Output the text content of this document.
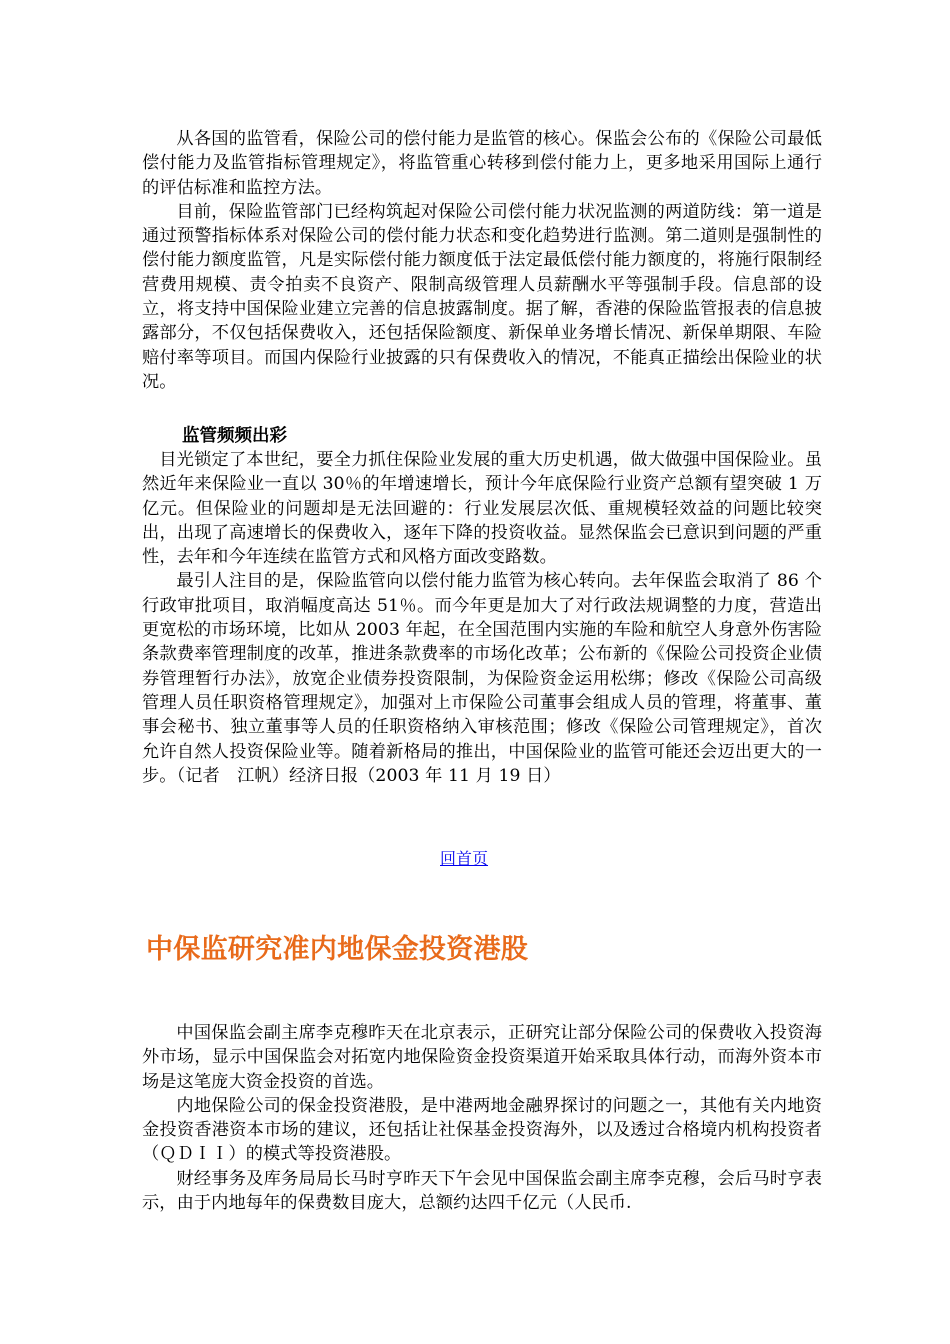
从各国的监管看，保险公司的偿付能力是监管的核心。保监会公布的《保险公司最低偿付能力及监管指标管理规定》，将监管重心转移到偿付能力上，更多地采用国际上通行的评估标准和监控方法。

目前，保险监管部门已经构筑起对保险公司偿付能力状况监测的两道防线：第一道是通过预警指标体系对保险公司的偿付能力状态和变化趋势进行监测。第二道则是强制性的偿付能力额度监管，凡是实际偿付能力额度低于法定最低偿付能力额度的，将施行限制经营费用规模、责令拍卖不良资产、限制高级管理人员薪酬水平等强制手段。信息部的设立，将支持中国保险业建立完善的信息披露制度。据了解，香港的保险监管报表的信息披露部分，不仅包括保费收入，还包括保险额度、新保单业务增长情况、新保单期限、车险赔付率等项目。而国内保险行业披露的只有保费收入的情况，不能真正描绘出保险业的状况。

监管频频出彩

目光锁定了本世纪，要全力抓住保险业发展的重大历史机遇，做大做强中国保险业。虽然近年来保险业一直以 30％的年增速增长，预计今年底保险行业资产总额有望突破 1 万亿元。但保险业的问题却是无法回避的：行业发展层次低、重规模轻效益的问题比较突出，出现了高速增长的保费收入，逐年下降的投资收益。显然保监会已意识到问题的严重性，去年和今年连续在监管方式和风格方面改变路数。

最引人注目的是，保险监管向以偿付能力监管为核心转向。去年保监会取消了 86 个行政审批项目，取消幅度高达 51％。而今年更是加大了对行政法规调整的力度，营造出更宽松的市场环境，比如从 2003 年起，在全国范围内实施的车险和航空人身意外伤害险条款费率管理制度的改革，推进条款费率的市场化改革；公布新的《保险公司投资企业债券管理暂行办法》，放宽企业债券投资限制，为保险资金运用松绑；修改《保险公司高级管理人员任职资格管理规定》，加强对上市保险公司董事会组成人员的管理，将董事、董事会秘书、独立董事等人员的任职资格纳入审核范围；修改《保险公司管理规定》，首次允许自然人投资保险业等。随着新格局的推出，中国保险业的监管可能还会迈出更大的一步。（记者　江帆）经济日报（2003 年 11 月 19 日）

回首页
中保监研究准内地保金投资港股

中国保监会副主席李克穆昨天在北京表示，正研究让部分保险公司的保费收入投资海外市场，显示中国保监会对拓宽内地保险资金投资渠道开始采取具体行动，而海外资本市场是这笔庞大资金投资的首选。

内地保险公司的保金投资港股，是中港两地金融界探讨的问题之一，其他有关内地资金投资香港资本市场的建议，还包括让社保基金投资海外，以及透过合格境内机构投资者（ＱＤＩＩ）的模式等投资港股。

财经事务及库务局局长马时亨昨天下午会见中国保监会副主席李克穆，会后马时亨表示，由于内地每年的保费数目庞大，总额约达四千亿元（人民币.
